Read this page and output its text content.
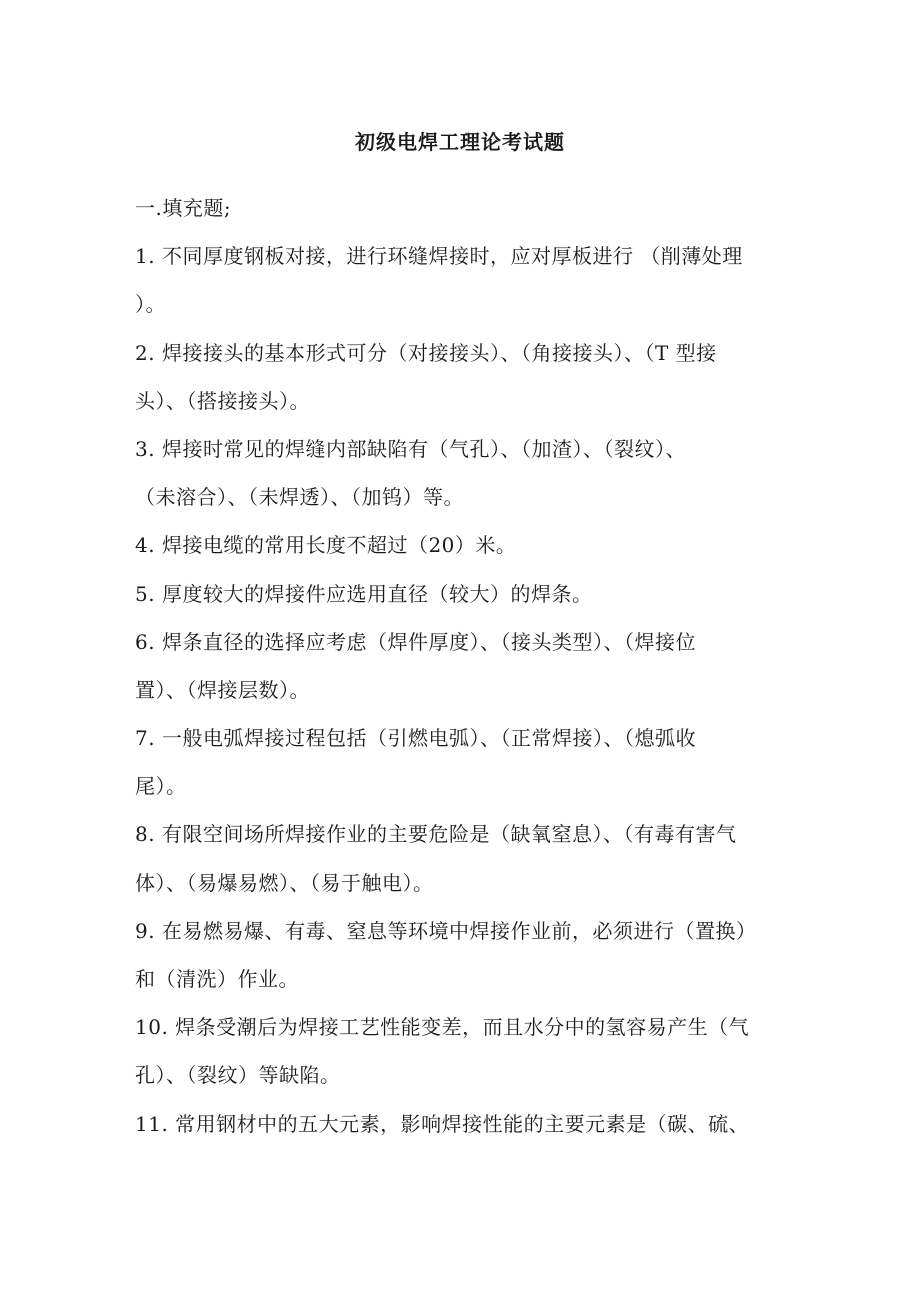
初级电焊工理论考试题
一.填充题;
1. 不同厚度钢板对接，进行环缝焊接时，应对厚板进行 （削薄处理
）。
2. 焊接接头的基本形式可分（对接接头）、（角接接头）、（T 型接
头）、（搭接接头）。
3. 焊接时常见的焊缝内部缺陷有（气孔）、（加渣）、（裂纹）、
（未溶合）、（未焊透）、（加钨）等。
4. 焊接电缆的常用长度不超过（20）米。
5. 厚度较大的焊接件应选用直径（较大）的焊条。
6. 焊条直径的选择应考虑（焊件厚度）、（接头类型）、（焊接位
置）、（焊接层数）。
7. 一般电弧焊接过程包括（引燃电弧）、（正常焊接）、（熄弧收
尾）。
8. 有限空间场所焊接作业的主要危险是（缺氧窒息）、（有毒有害气
体）、（易爆易燃）、（易于触电）。
9. 在易燃易爆、有毒、窒息等环境中焊接作业前，必须进行（置换）
和（清洗）作业。
10. 焊条受潮后为焊接工艺性能变差，而且水分中的氢容易产生（气
孔）、（裂纹）等缺陷。
11. 常用钢材中的五大元素，影响焊接性能的主要元素是（碳、硫、
